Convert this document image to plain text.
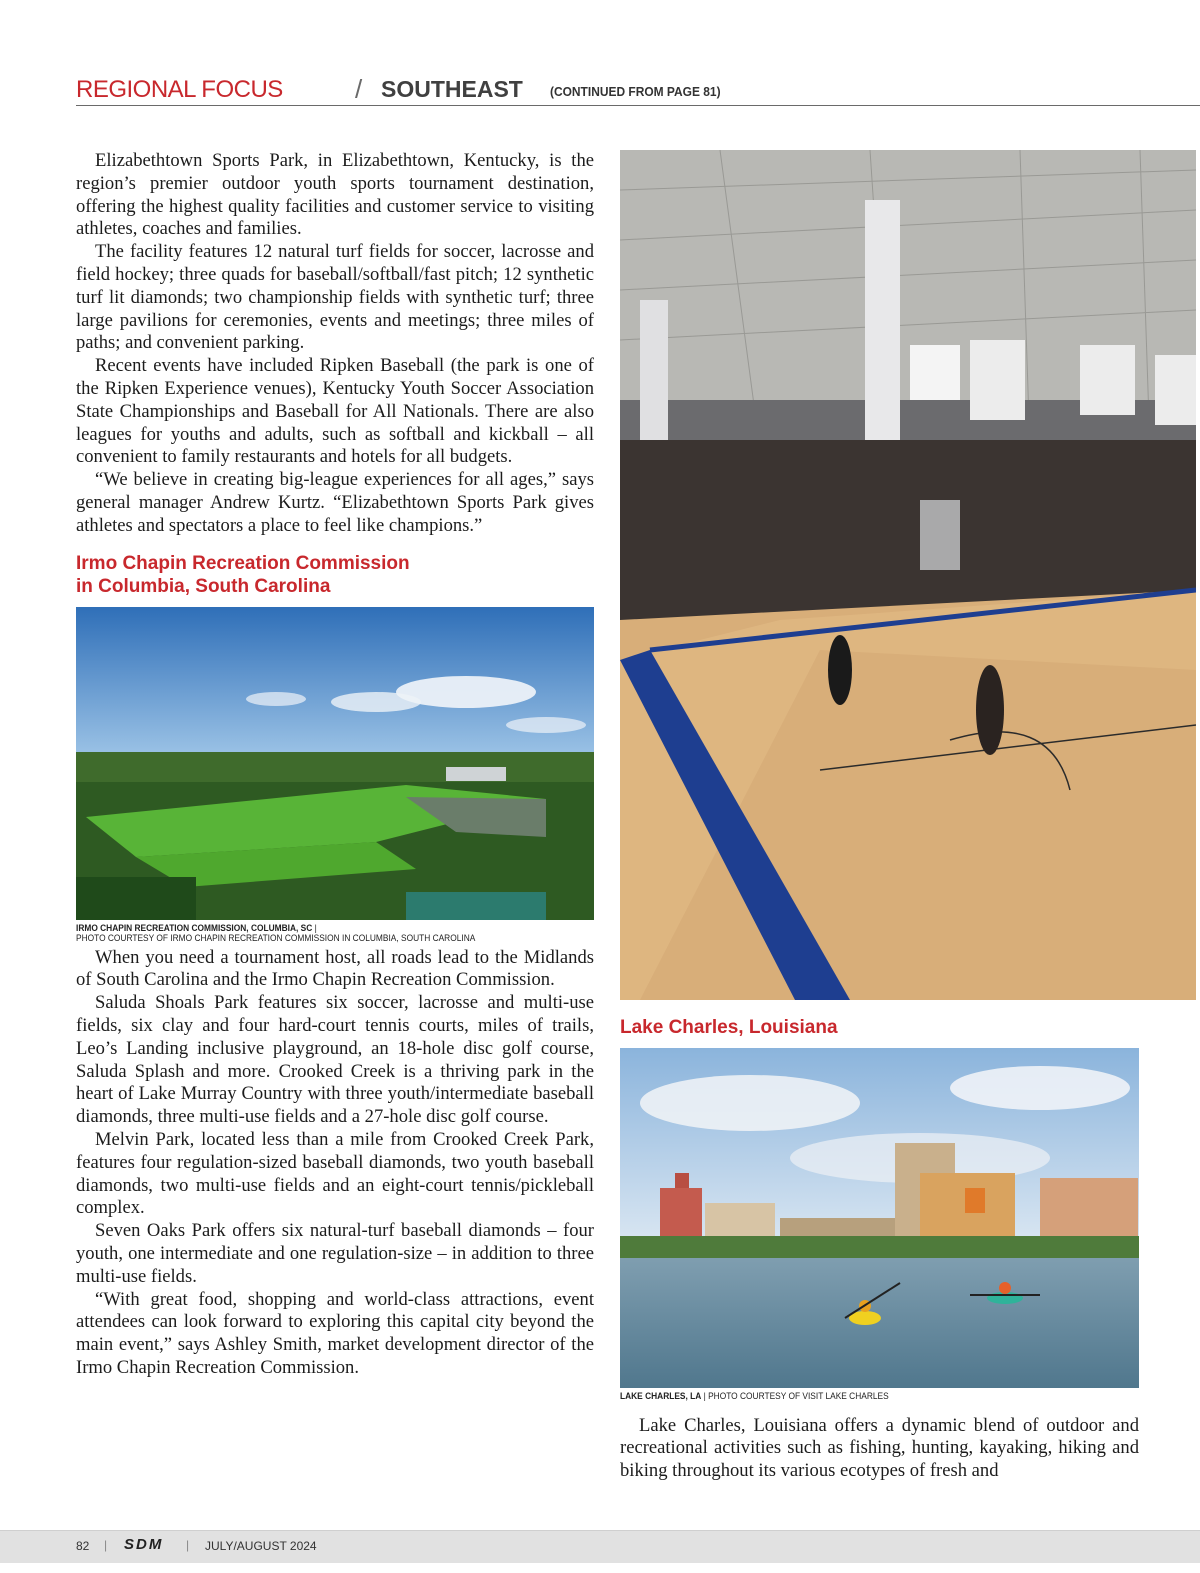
REGIONAL FOCUS	/ SOUTHEAST (CONTINUED FROM PAGE 81)

Elizabethtown Sports Park, in Elizabethtown, Kentucky, is the region’s premier outdoor youth sports tournament destination, offering the highest quality facilities and customer service to visiting athletes, coaches and families.

The facility features 12 natural turf fields for soccer, lacrosse and field hockey; three quads for baseball/softball/fast pitch; 12 synthetic turf lit diamonds; two championship fields with synthetic turf; three large pavilions for ceremonies, events and meetings; three miles of paths; and convenient parking.

Recent events have included Ripken Baseball (the park is one of the Ripken Experience venues), Kentucky Youth Soccer Association State Championships and Baseball for All Nationals. There are also leagues for youths and adults, such as softball and kickball – all convenient to family restaurants and hotels for all budgets.

“We believe in creating big-league experiences for all ages,” says general manager Andrew Kurtz. “Elizabethtown Sports Park gives athletes and spectators a place to feel like champions.”

Irmo Chapin Recreation Commission
in Columbia, South Carolina
IRMO CHAPIN RECREATION COMMISSION, COLUMBIA, SC |
PHOTO COURTESY OF IRMO CHAPIN RECREATION COMMISSION IN COLUMBIA, SOUTH CAROLINA

When you need a tournament host, all roads lead to the Midlands of South Carolina and the Irmo Chapin Recreation Commission.

Saluda Shoals Park features six soccer, lacrosse and multi-use fields, six clay and four hard-court tennis courts, miles of trails, Leo’s Landing inclusive playground, an 18-hole disc golf course, Saluda Splash and more. Crooked Creek is a thriving park in the heart of Lake Murray Country with three youth/intermediate baseball diamonds, three multi-use fields and a 27-hole disc golf course.

Melvin Park, located less than a mile from Crooked Creek Park, features four regulation-sized baseball diamonds, two youth baseball diamonds, two multi-use fields and an eight-court tennis/pickleball complex.

Seven Oaks Park offers six natural-turf baseball diamonds – four youth, one intermediate and one regulation-size – in addition to three multi-use fields.

“With great food, shopping and world-class attractions, event attendees can look forward to exploring this capital city beyond the main event,” says Ashley Smith, market development director of the Irmo Chapin Recreation Commission.

Lake Charles, Louisiana
LAKE CHARLES, LA | PHOTO COURTESY OF VISIT LAKE CHARLES

Lake Charles, Louisiana offers a dynamic blend of outdoor and recreational activities such as fishing, hunting, kayaking, hiking and biking throughout its various ecotypes of fresh and

82 | SDM | JULY/AUGUST 2024
